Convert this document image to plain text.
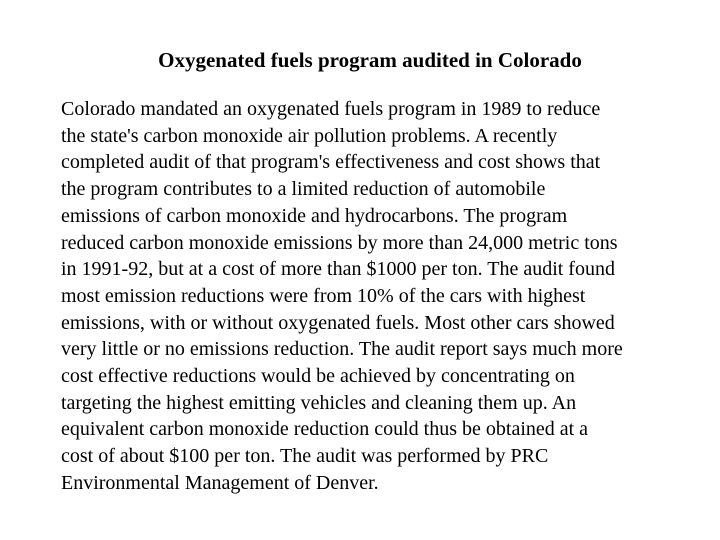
Oxygenated fuels program audited in Colorado
Colorado mandated an oxygenated fuels program in 1989 to reduce
the state's carbon monoxide air pollution problems. A recently
completed audit of that program's effectiveness and cost shows that
the program contributes to a limited reduction of automobile
emissions of carbon monoxide and hydrocarbons. The program
reduced carbon monoxide emissions by more than 24,000 metric tons
in 1991-92, but at a cost of more than $1000 per ton. The audit found
most emission reductions were from 10% of the cars with highest
emissions, with or without oxygenated fuels. Most other cars showed
very little or no emissions reduction. The audit report says much more
cost effective reductions would be achieved by concentrating on
targeting the highest emitting vehicles and cleaning them up. An
equivalent carbon monoxide reduction could thus be obtained at a
cost of about $100 per ton. The audit was performed by PRC
Environmental Management of Denver.
